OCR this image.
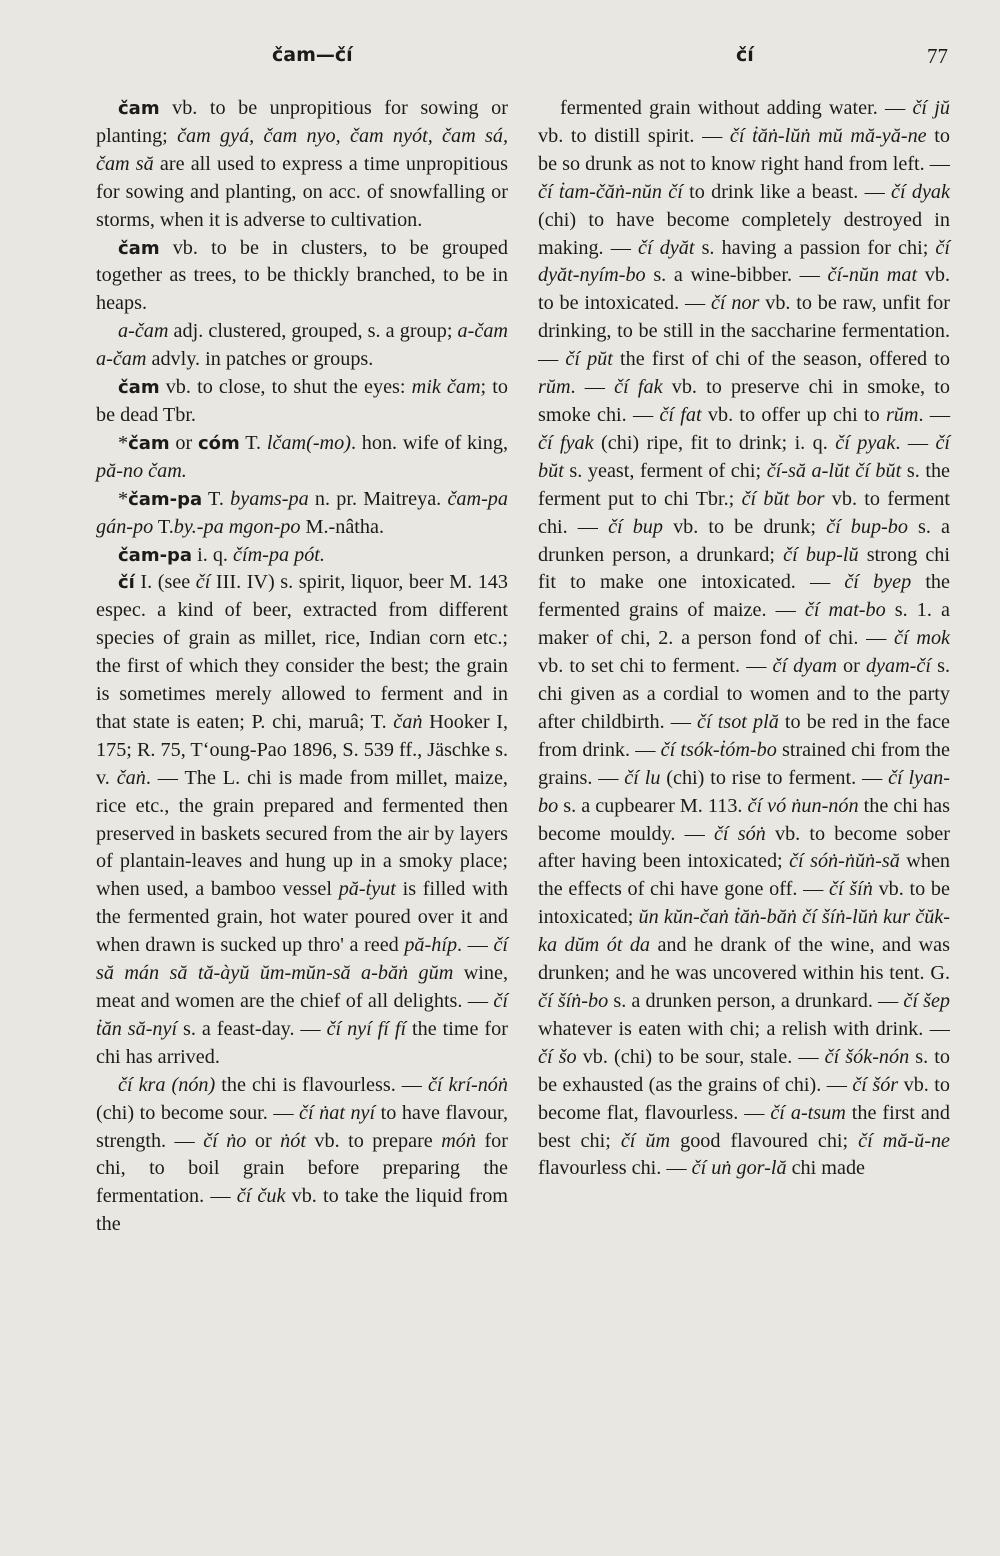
čam—čí	čí	77

čam vb. to be unpropitious for sowing or planting; čam gyá, čam nyo, čam nyót, čam sá, čam să are all used to express a time unpropitious for sowing and planting, on acc. of snowfalling or storms, when it is adverse to cultivation.

čam vb. to be in clusters, to be grouped together as trees, to be thickly branched, to be in heaps.

a-čam adj. clustered, grouped, s. a group; a-čam a-čam advly. in patches or groups.

čam vb. to close, to shut the eyes: mik čam; to be dead Tbr.

*čam or cóm T. lčam(-mo). hon. wife of king, pă-no čam.

*čam-pa T. byams-pa n. pr. Maitreya. čam-pa gán-po T.by.-pa mgon-po M.-nâtha.

čam-pa i. q. čím-pa pót.

čí I. (see čí III. IV) s. spirit, liquor, beer M. 143 espec. a kind of beer, extracted from different species of grain as millet, rice, Indian corn etc.; the first of which they consider the best; the grain is sometimes merely allowed to ferment and in that state is eaten; P. chi, maruâ; T. čaṅ Hooker I, 175; R. 75, Tʻoung-Pao 1896, S. 539 ff., Jäschke s. v. čaṅ. — The L. chi is made from millet, maize, rice etc., the grain prepared and fermented then preserved in baskets secured from the air by layers of plantain-leaves and hung up in a smoky place; when used, a bamboo vessel pă-ṫyut is filled with the fermented grain, hot water poured over it and when drawn is sucked up thro' a reed pă-híp. — čí să mán să tă-àyŭ ŭm-mŭn-să a-băṅ gŭm wine, meat and women are the chief of all delights. — čí ṫăn să-nyí s. a feast-day. — čí nyí fí fí the time for chi has arrived.

čí kra (nón) the chi is flavourless. — čí krí-nóṅ (chi) to become sour. — čí ṅat nyí to have flavour, strength. — čí ṅo or ṅót vb. to prepare móṅ for chi, to boil grain before preparing the fermentation. — čí čuk vb. to take the liquid from the

fermented grain without adding water. — čí jŭ vb. to distill spirit. — čí ṫăṅ-lŭṅ mŭ mă-yă-ne to be so drunk as not to know right hand from left. — čí ṫam-čăṅ-nŭn čí to drink like a beast. — čí dyak (chi) to have become completely destroyed in making. — čí dyăt s. having a passion for chi; čí dyăt-nyím-bo s. a wine-bibber. — čí-nŭn mat vb. to be intoxicated. — čí nor vb. to be raw, unfit for drinking, to be still in the saccharine fermentation. — čí pŭt the first of chi of the season, offered to rŭm. — čí fak vb. to preserve chi in smoke, to smoke chi. — čí fat vb. to offer up chi to rŭm. — čí fyak (chi) ripe, fit to drink; i. q. čí pyak. — čí bŭt s. yeast, ferment of chi; čí-să a-lŭt čí bŭt s. the ferment put to chi Tbr.; čí bŭt bor vb. to ferment chi. — čí bup vb. to be drunk; čí bup-bo s. a drunken person, a drunkard; čí bup-lŭ strong chi fit to make one intoxicated. — čí byep the fermented grains of maize. — čí mat-bo s. 1. a maker of chi, 2. a person fond of chi. — čí mok vb. to set chi to ferment. — čí dyam or dyam-čí s. chi given as a cordial to women and to the party after childbirth. — čí tsot plă to be red in the face from drink. — čí tsók-ṫóm-bo strained chi from the grains. — čí lu (chi) to rise to ferment. — čí lyan-bo s. a cupbearer M. 113. čí vó ṅun-nón the chi has become mouldy. — čí sóṅ vb. to become sober after having been intoxicated; čí sóṅ-ṅŭṅ-să when the effects of chi have gone off. — čí šíṅ vb. to be intoxicated; ŭn kŭn-čaṅ ṫăṅ-băṅ čí šíṅ-lŭṅ kur čŭk-ka dŭm ót da and he drank of the wine, and was drunken; and he was uncovered within his tent. G. čí šíṅ-bo s. a drunken person, a drunkard. — čí šep whatever is eaten with chi; a relish with drink. — čí šo vb. (chi) to be sour, stale. — čí šók-nón s. to be exhausted (as the grains of chi). — čí šór vb. to become flat, flavourless. — čí a-tsum the first and best chi; čí ŭm good flavoured chi; čí mă-ŭ-ne flavourless chi. — čí uṅ gor-lă chi made
